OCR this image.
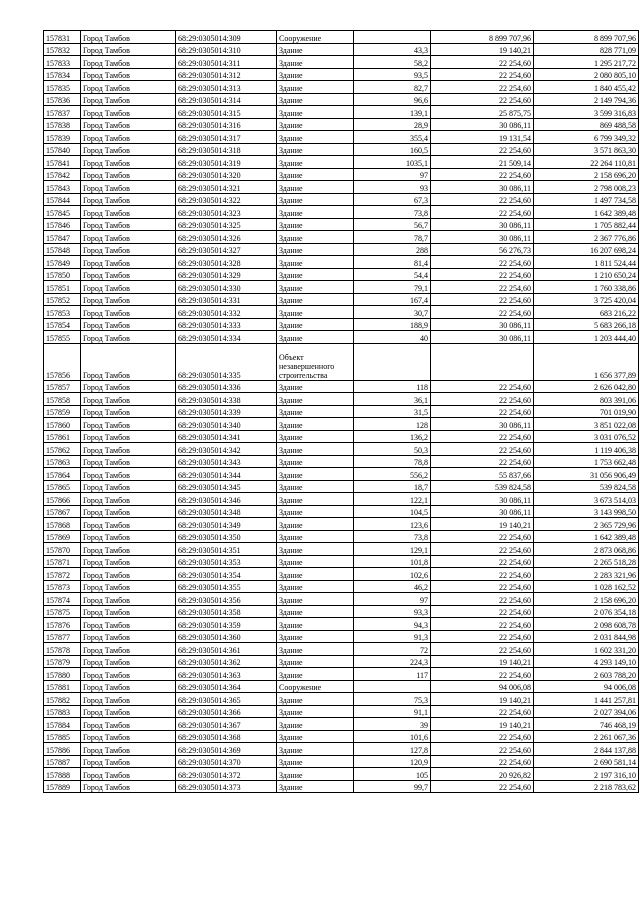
157831	Город Тамбов	68:29:0305014:309	Сооружение		8 899 707,96	8 899 707,96
157832	Город Тамбов	68:29:0305014:310	Здание	43,3	19 140,21	828 771,09
157833	Город Тамбов	68:29:0305014:311	Здание	58,2	22 254,60	1 295 217,72
157834	Город Тамбов	68:29:0305014:312	Здание	93,5	22 254,60	2 080 805,10
157835	Город Тамбов	68:29:0305014:313	Здание	82,7	22 254,60	1 840 455,42
157836	Город Тамбов	68:29:0305014:314	Здание	96,6	22 254,60	2 149 794,36
157837	Город Тамбов	68:29:0305014:315	Здание	139,1	25 875,75	3 599 316,83
157838	Город Тамбов	68:29:0305014:316	Здание	28,9	30 086,11	869 488,58
157839	Город Тамбов	68:29:0305014:317	Здание	355,4	19 131,54	6 799 349,32
157840	Город Тамбов	68:29:0305014:318	Здание	160,5	22 254,60	3 571 863,30
157841	Город Тамбов	68:29:0305014:319	Здание	1035,1	21 509,14	22 264 110,81
157842	Город Тамбов	68:29:0305014:320	Здание	97	22 254,60	2 158 696,20
157843	Город Тамбов	68:29:0305014:321	Здание	93	30 086,11	2 798 008,23
157844	Город Тамбов	68:29:0305014:322	Здание	67,3	22 254,60	1 497 734,58
157845	Город Тамбов	68:29:0305014:323	Здание	73,8	22 254,60	1 642 389,48
157846	Город Тамбов	68:29:0305014:325	Здание	56,7	30 086,11	1 705 882,44
157847	Город Тамбов	68:29:0305014:326	Здание	78,7	30 086,11	2 367 776,86
157848	Город Тамбов	68:29:0305014:327	Здание	288	56 276,73	16 207 698,24
157849	Город Тамбов	68:29:0305014:328	Здание	81,4	22 254,60	1 811 524,44
157850	Город Тамбов	68:29:0305014:329	Здание	54,4	22 254,60	1 210 650,24
157851	Город Тамбов	68:29:0305014:330	Здание	79,1	22 254,60	1 760 338,86
157852	Город Тамбов	68:29:0305014:331	Здание	167,4	22 254,60	3 725 420,04
157853	Город Тамбов	68:29:0305014:332	Здание	30,7	22 254,60	683 216,22
157854	Город Тамбов	68:29:0305014:333	Здание	188,9	30 086,11	5 683 266,18
157855	Город Тамбов	68:29:0305014:334	Здание	40	30 086,11	1 203 444,40
157856	Город Тамбов	68:29:0305014:335	Объект незавершенного строительства			1 656 377,89
157857	Город Тамбов	68:29:0305014:336	Здание	118	22 254,60	2 626 042,80
157858	Город Тамбов	68:29:0305014:338	Здание	36,1	22 254,60	803 391,06
157859	Город Тамбов	68:29:0305014:339	Здание	31,5	22 254,60	701 019,90
157860	Город Тамбов	68:29:0305014:340	Здание	128	30 086,11	3 851 022,08
157861	Город Тамбов	68:29:0305014:341	Здание	136,2	22 254,60	3 031 076,52
157862	Город Тамбов	68:29:0305014:342	Здание	50,3	22 254,60	1 119 406,38
157863	Город Тамбов	68:29:0305014:343	Здание	78,8	22 254,60	1 753 662,48
157864	Город Тамбов	68:29:0305014:344	Здание	556,2	55 837,66	31 056 906,49
157865	Город Тамбов	68:29:0305014:345	Здание	18,7	539 824,58	539 824,58
157866	Город Тамбов	68:29:0305014:346	Здание	122,1	30 086,11	3 673 514,03
157867	Город Тамбов	68:29:0305014:348	Здание	104,5	30 086,11	3 143 998,50
157868	Город Тамбов	68:29:0305014:349	Здание	123,6	19 140,21	2 365 729,96
157869	Город Тамбов	68:29:0305014:350	Здание	73,8	22 254,60	1 642 389,48
157870	Город Тамбов	68:29:0305014:351	Здание	129,1	22 254,60	2 873 068,86
157871	Город Тамбов	68:29:0305014:353	Здание	101,8	22 254,60	2 265 518,28
157872	Город Тамбов	68:29:0305014:354	Здание	102,6	22 254,60	2 283 321,96
157873	Город Тамбов	68:29:0305014:355	Здание	46,2	22 254,60	1 028 162,52
157874	Город Тамбов	68:29:0305014:356	Здание	97	22 254,60	2 158 696,20
157875	Город Тамбов	68:29:0305014:358	Здание	93,3	22 254,60	2 076 354,18
157876	Город Тамбов	68:29:0305014:359	Здание	94,3	22 254,60	2 098 608,78
157877	Город Тамбов	68:29:0305014:360	Здание	91,3	22 254,60	2 031 844,98
157878	Город Тамбов	68:29:0305014:361	Здание	72	22 254,60	1 602 331,20
157879	Город Тамбов	68:29:0305014:362	Здание	224,3	19 140,21	4 293 149,10
157880	Город Тамбов	68:29:0305014:363	Здание	117	22 254,60	2 603 788,20
157881	Город Тамбов	68:29:0305014:364	Сооружение		94 006,08	94 006,08
157882	Город Тамбов	68:29:0305014:365	Здание	75,3	19 140,21	1 441 257,81
157883	Город Тамбов	68:29:0305014:366	Здание	91,1	22 254,60	2 027 394,06
157884	Город Тамбов	68:29:0305014:367	Здание	39	19 140,21	746 468,19
157885	Город Тамбов	68:29:0305014:368	Здание	101,6	22 254,60	2 261 067,36
157886	Город Тамбов	68:29:0305014:369	Здание	127,8	22 254,60	2 844 137,88
157887	Город Тамбов	68:29:0305014:370	Здание	120,9	22 254,60	2 690 581,14
157888	Город Тамбов	68:29:0305014:372	Здание	105	20 926,82	2 197 316,10
157889	Город Тамбов	68:29:0305014:373	Здание	99,7	22 254,60	2 218 783,62
